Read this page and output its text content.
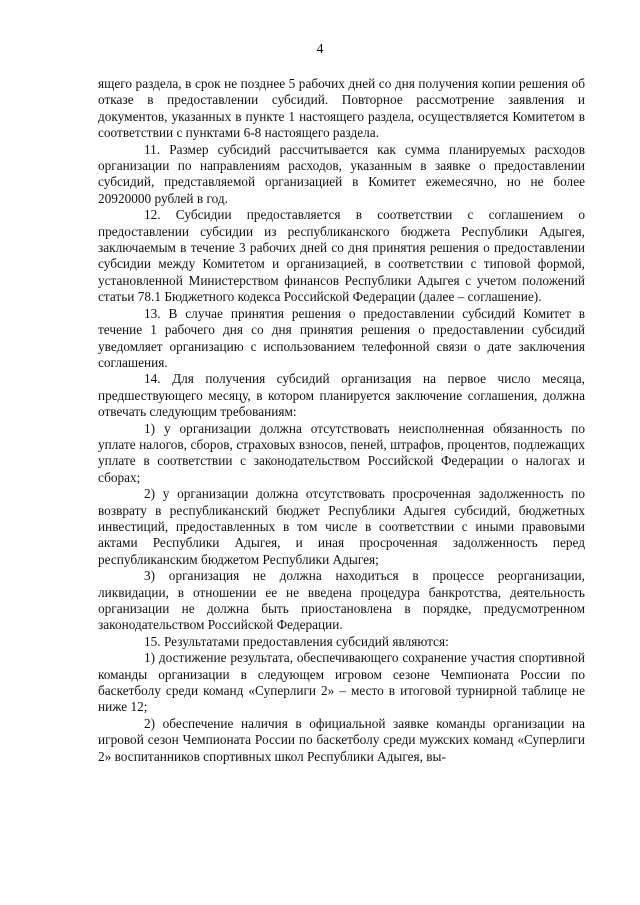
4

ящего раздела, в срок не позднее 5 рабочих дней со дня получения копии решения об отказе в предоставлении субсидий. Повторное рассмотрение заявления и документов, указанных в пункте 1 настоящего раздела, осуществляется Комитетом в соответствии с пунктами 6-8 настоящего раздела.

11. Размер субсидий рассчитывается как сумма планируемых расходов организации по направлениям расходов, указанным в заявке о предоставлении субсидий, представляемой организацией в Комитет ежемесячно, но не более 20920000 рублей в год.

12. Субсидии предоставляется в соответствии с соглашением о предоставлении субсидии из республиканского бюджета Республики Адыгея, заключаемым в течение 3 рабочих дней со дня принятия решения о предоставлении субсидии между Комитетом и организацией, в соответствии с типовой формой, установленной Министерством финансов Республики Адыгея с учетом положений статьи 78.1 Бюджетного кодекса Российской Федерации (далее – соглашение).

13. В случае принятия решения о предоставлении субсидий Комитет в течение 1 рабочего дня со дня принятия решения о предоставлении субсидий уведомляет организацию с использованием телефонной связи о дате заключения соглашения.

14. Для получения субсидий организация на первое число месяца, предшествующего месяцу, в котором планируется заключение соглашения, должна отвечать следующим требованиям:

1) у организации должна отсутствовать неисполненная обязанность по уплате налогов, сборов, страховых взносов, пеней, штрафов, процентов, подлежащих уплате в соответствии с законодательством Российской Федерации о налогах и сборах;

2) у организации должна отсутствовать просроченная задолженность по возврату в республиканский бюджет Республики Адыгея субсидий, бюджетных инвестиций, предоставленных в том числе в соответствии с иными правовыми актами Республики Адыгея, и иная просроченная задолженность перед республиканским бюджетом Республики Адыгея;

3) организация не должна находиться в процессе реорганизации, ликвидации, в отношении ее не введена процедура банкротства, деятельность организации не должна быть приостановлена в порядке, предусмотренном законодательством Российской Федерации.

15. Результатами предоставления субсидий являются:

1) достижение результата, обеспечивающего сохранение участия спортивной команды организации в следующем игровом сезоне Чемпионата России по баскетболу среди команд «Суперлиги 2» – место в итоговой турнирной таблице не ниже 12;

2) обеспечение наличия в официальной заявке команды организации на игровой сезон Чемпионата России по баскетболу среди мужских команд «Суперлиги 2» воспитанников спортивных школ Республики Адыгея, вы-
